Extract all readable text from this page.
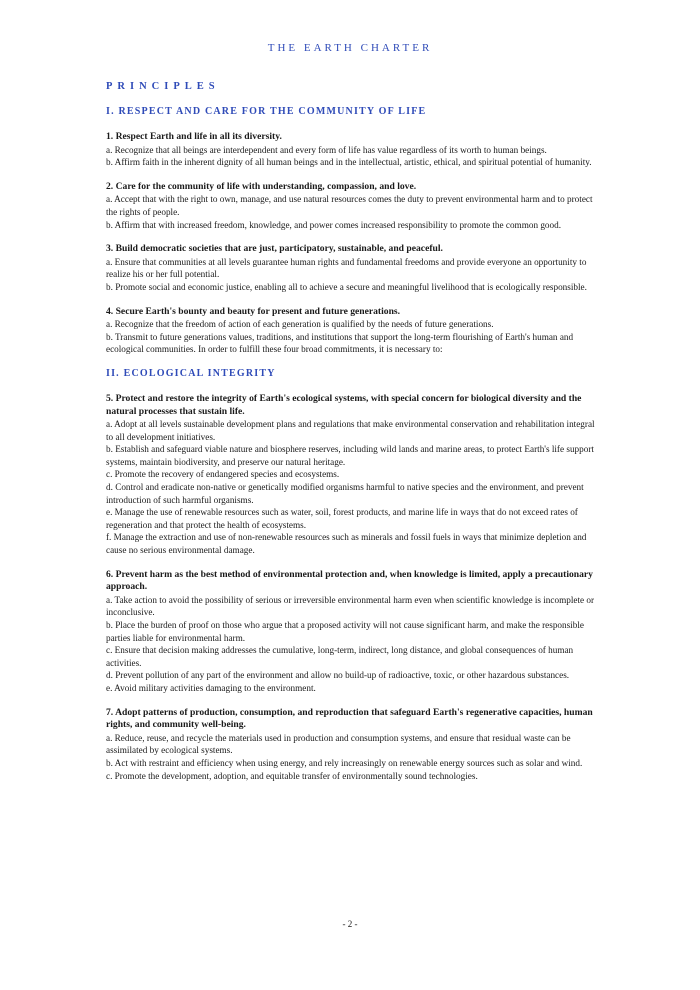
THE EARTH CHARTER
PRINCIPLES
I. RESPECT AND CARE FOR THE COMMUNITY OF LIFE

1. Respect Earth and life in all its diversity.

a. Recognize that all beings are interdependent and every form of life has value regardless of its worth to human beings.

b. Affirm faith in the inherent dignity of all human beings and in the intellectual, artistic, ethical, and spiritual potential of humanity.

2. Care for the community of life with understanding, compassion, and love.

a. Accept that with the right to own, manage, and use natural resources comes the duty to prevent environmental harm and to protect the rights of people.

b. Affirm that with increased freedom, knowledge, and power comes increased responsibility to promote the common good.

3. Build democratic societies that are just, participatory, sustainable, and peaceful.

a. Ensure that communities at all levels guarantee human rights and fundamental freedoms and provide everyone an opportunity to realize his or her full potential.

b. Promote social and economic justice, enabling all to achieve a secure and meaningful livelihood that is ecologically responsible.

4. Secure Earth's bounty and beauty for present and future generations.

a. Recognize that the freedom of action of each generation is qualified by the needs of future generations.

b. Transmit to future generations values, traditions, and institutions that support the long-term flourishing of Earth's human and ecological communities. In order to fulfill these four broad commitments, it is necessary to:

II. ECOLOGICAL INTEGRITY

5. Protect and restore the integrity of Earth's ecological systems, with special concern for biological diversity and the natural processes that sustain life.

a. Adopt at all levels sustainable development plans and regulations that make environmental conservation and rehabilitation integral to all development initiatives.

b. Establish and safeguard viable nature and biosphere reserves, including wild lands and marine areas, to protect Earth's life support systems, maintain biodiversity, and preserve our natural heritage.

c. Promote the recovery of endangered species and ecosystems.

d. Control and eradicate non-native or genetically modified organisms harmful to native species and the environment, and prevent introduction of such harmful organisms.

e. Manage the use of renewable resources such as water, soil, forest products, and marine life in ways that do not exceed rates of regeneration and that protect the health of ecosystems.

f. Manage the extraction and use of non-renewable resources such as minerals and fossil fuels in ways that minimize depletion and cause no serious environmental damage.

6. Prevent harm as the best method of environmental protection and, when knowledge is limited, apply a precautionary approach.

a. Take action to avoid the possibility of serious or irreversible environmental harm even when scientific knowledge is incomplete or inconclusive.

b. Place the burden of proof on those who argue that a proposed activity will not cause significant harm, and make the responsible parties liable for environmental harm.

c. Ensure that decision making addresses the cumulative, long-term, indirect, long distance, and global consequences of human activities.

d. Prevent pollution of any part of the environment and allow no build-up of radioactive, toxic, or other hazardous substances.

e. Avoid military activities damaging to the environment.

7. Adopt patterns of production, consumption, and reproduction that safeguard Earth's regenerative capacities, human rights, and community well-being.

a. Reduce, reuse, and recycle the materials used in production and consumption systems, and ensure that residual waste can be assimilated by ecological systems.

b. Act with restraint and efficiency when using energy, and rely increasingly on renewable energy sources such as solar and wind.

c. Promote the development, adoption, and equitable transfer of environmentally sound technologies.

- 2 -
